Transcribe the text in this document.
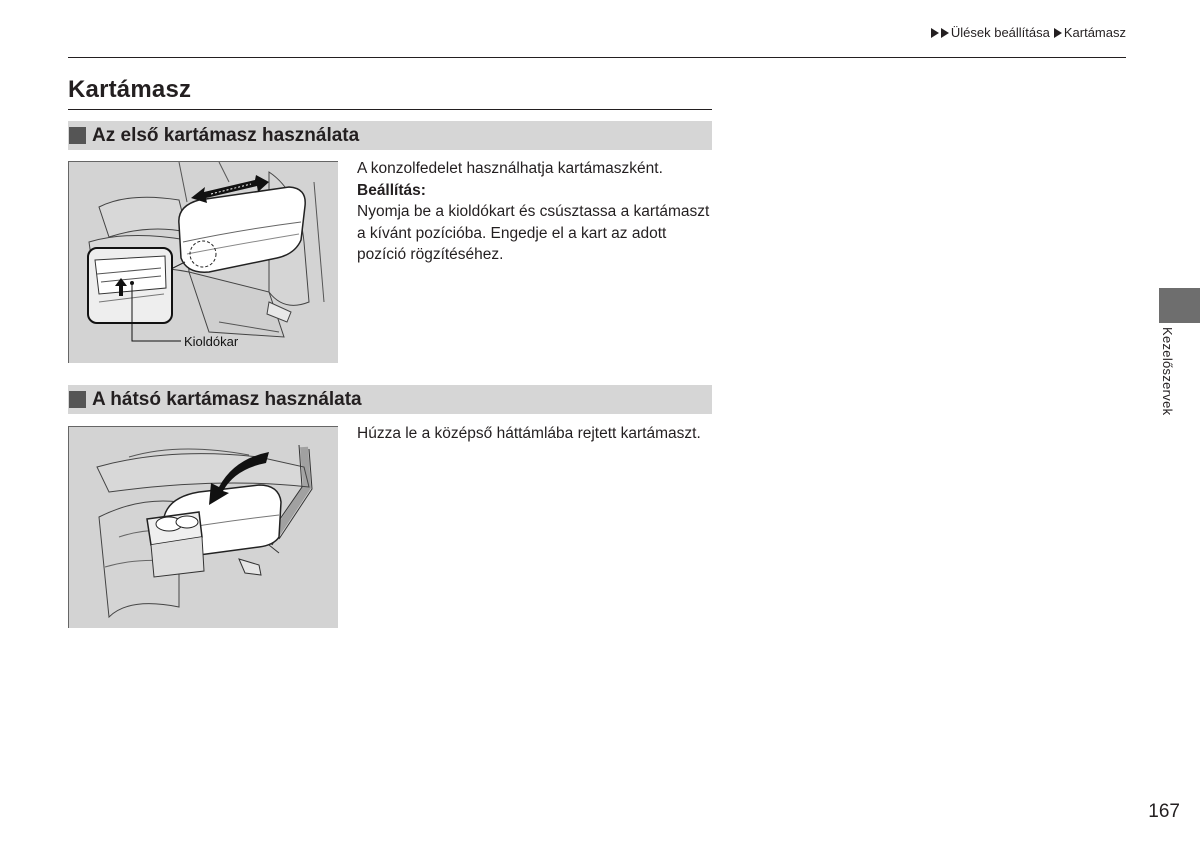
Ülések beállítása Kartámasz
Kartámasz
Az első kartámasz használata
Kioldókar

A konzolfedelet használhatja kartámaszként.

Beállítás:

Nyomja be a kioldókart és csúsztassa a kartámaszt a kívánt pozícióba. Engedje el a kart az adott pozíció rögzítéséhez.

A hátsó kartámasz használata

Húzza le a középső háttámlába rejtett kartámaszt.

Kezelőszervek
167
